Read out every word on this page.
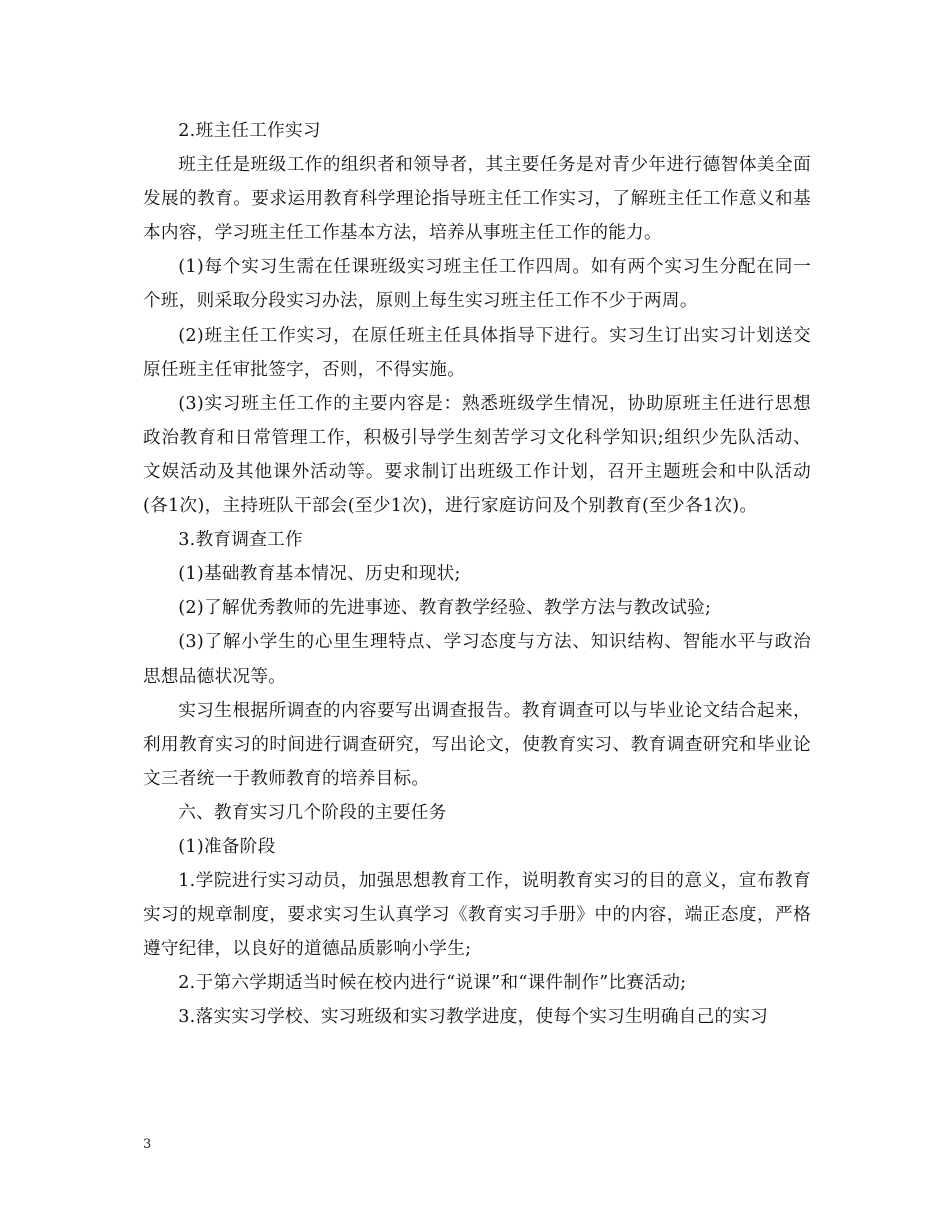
2.班主任工作实习

班主任是班级工作的组织者和领导者，其主要任务是对青少年进行德智体美全面发展的教育。要求运用教育科学理论指导班主任工作实习，了解班主任工作意义和基本内容，学习班主任工作基本方法，培养从事班主任工作的能力。

(1)每个实习生需在任课班级实习班主任工作四周。如有两个实习生分配在同一个班，则采取分段实习办法，原则上每生实习班主任工作不少于两周。

(2)班主任工作实习，在原任班主任具体指导下进行。实习生订出实习计划送交原任班主任审批签字，否则，不得实施。

(3)实习班主任工作的主要内容是：熟悉班级学生情况，协助原班主任进行思想政治教育和日常管理工作，积极引导学生刻苦学习文化科学知识;组织少先队活动、文娱活动及其他课外活动等。要求制订出班级工作计划，召开主题班会和中队活动(各1次)，主持班队干部会(至少1次)，进行家庭访问及个别教育(至少各1次)。

3.教育调查工作

(1)基础教育基本情况、历史和现状;

(2)了解优秀教师的先进事迹、教育教学经验、教学方法与教改试验;

(3)了解小学生的心里生理特点、学习态度与方法、知识结构、智能水平与政治思想品德状况等。

实习生根据所调查的内容要写出调查报告。教育调查可以与毕业论文结合起来，利用教育实习的时间进行调查研究，写出论文，使教育实习、教育调查研究和毕业论文三者统一于教师教育的培养目标。

六、教育实习几个阶段的主要任务

(1)准备阶段

1.学院进行实习动员，加强思想教育工作，说明教育实习的目的意义，宣布教育实习的规章制度，要求实习生认真学习《教育实习手册》中的内容，端正态度，严格遵守纪律，以良好的道德品质影响小学生;

2.于第六学期适当时候在校内进行“说课”和“课件制作”比赛活动;

3.落实实习学校、实习班级和实习教学进度，使每个实习生明确自己的实习

3
